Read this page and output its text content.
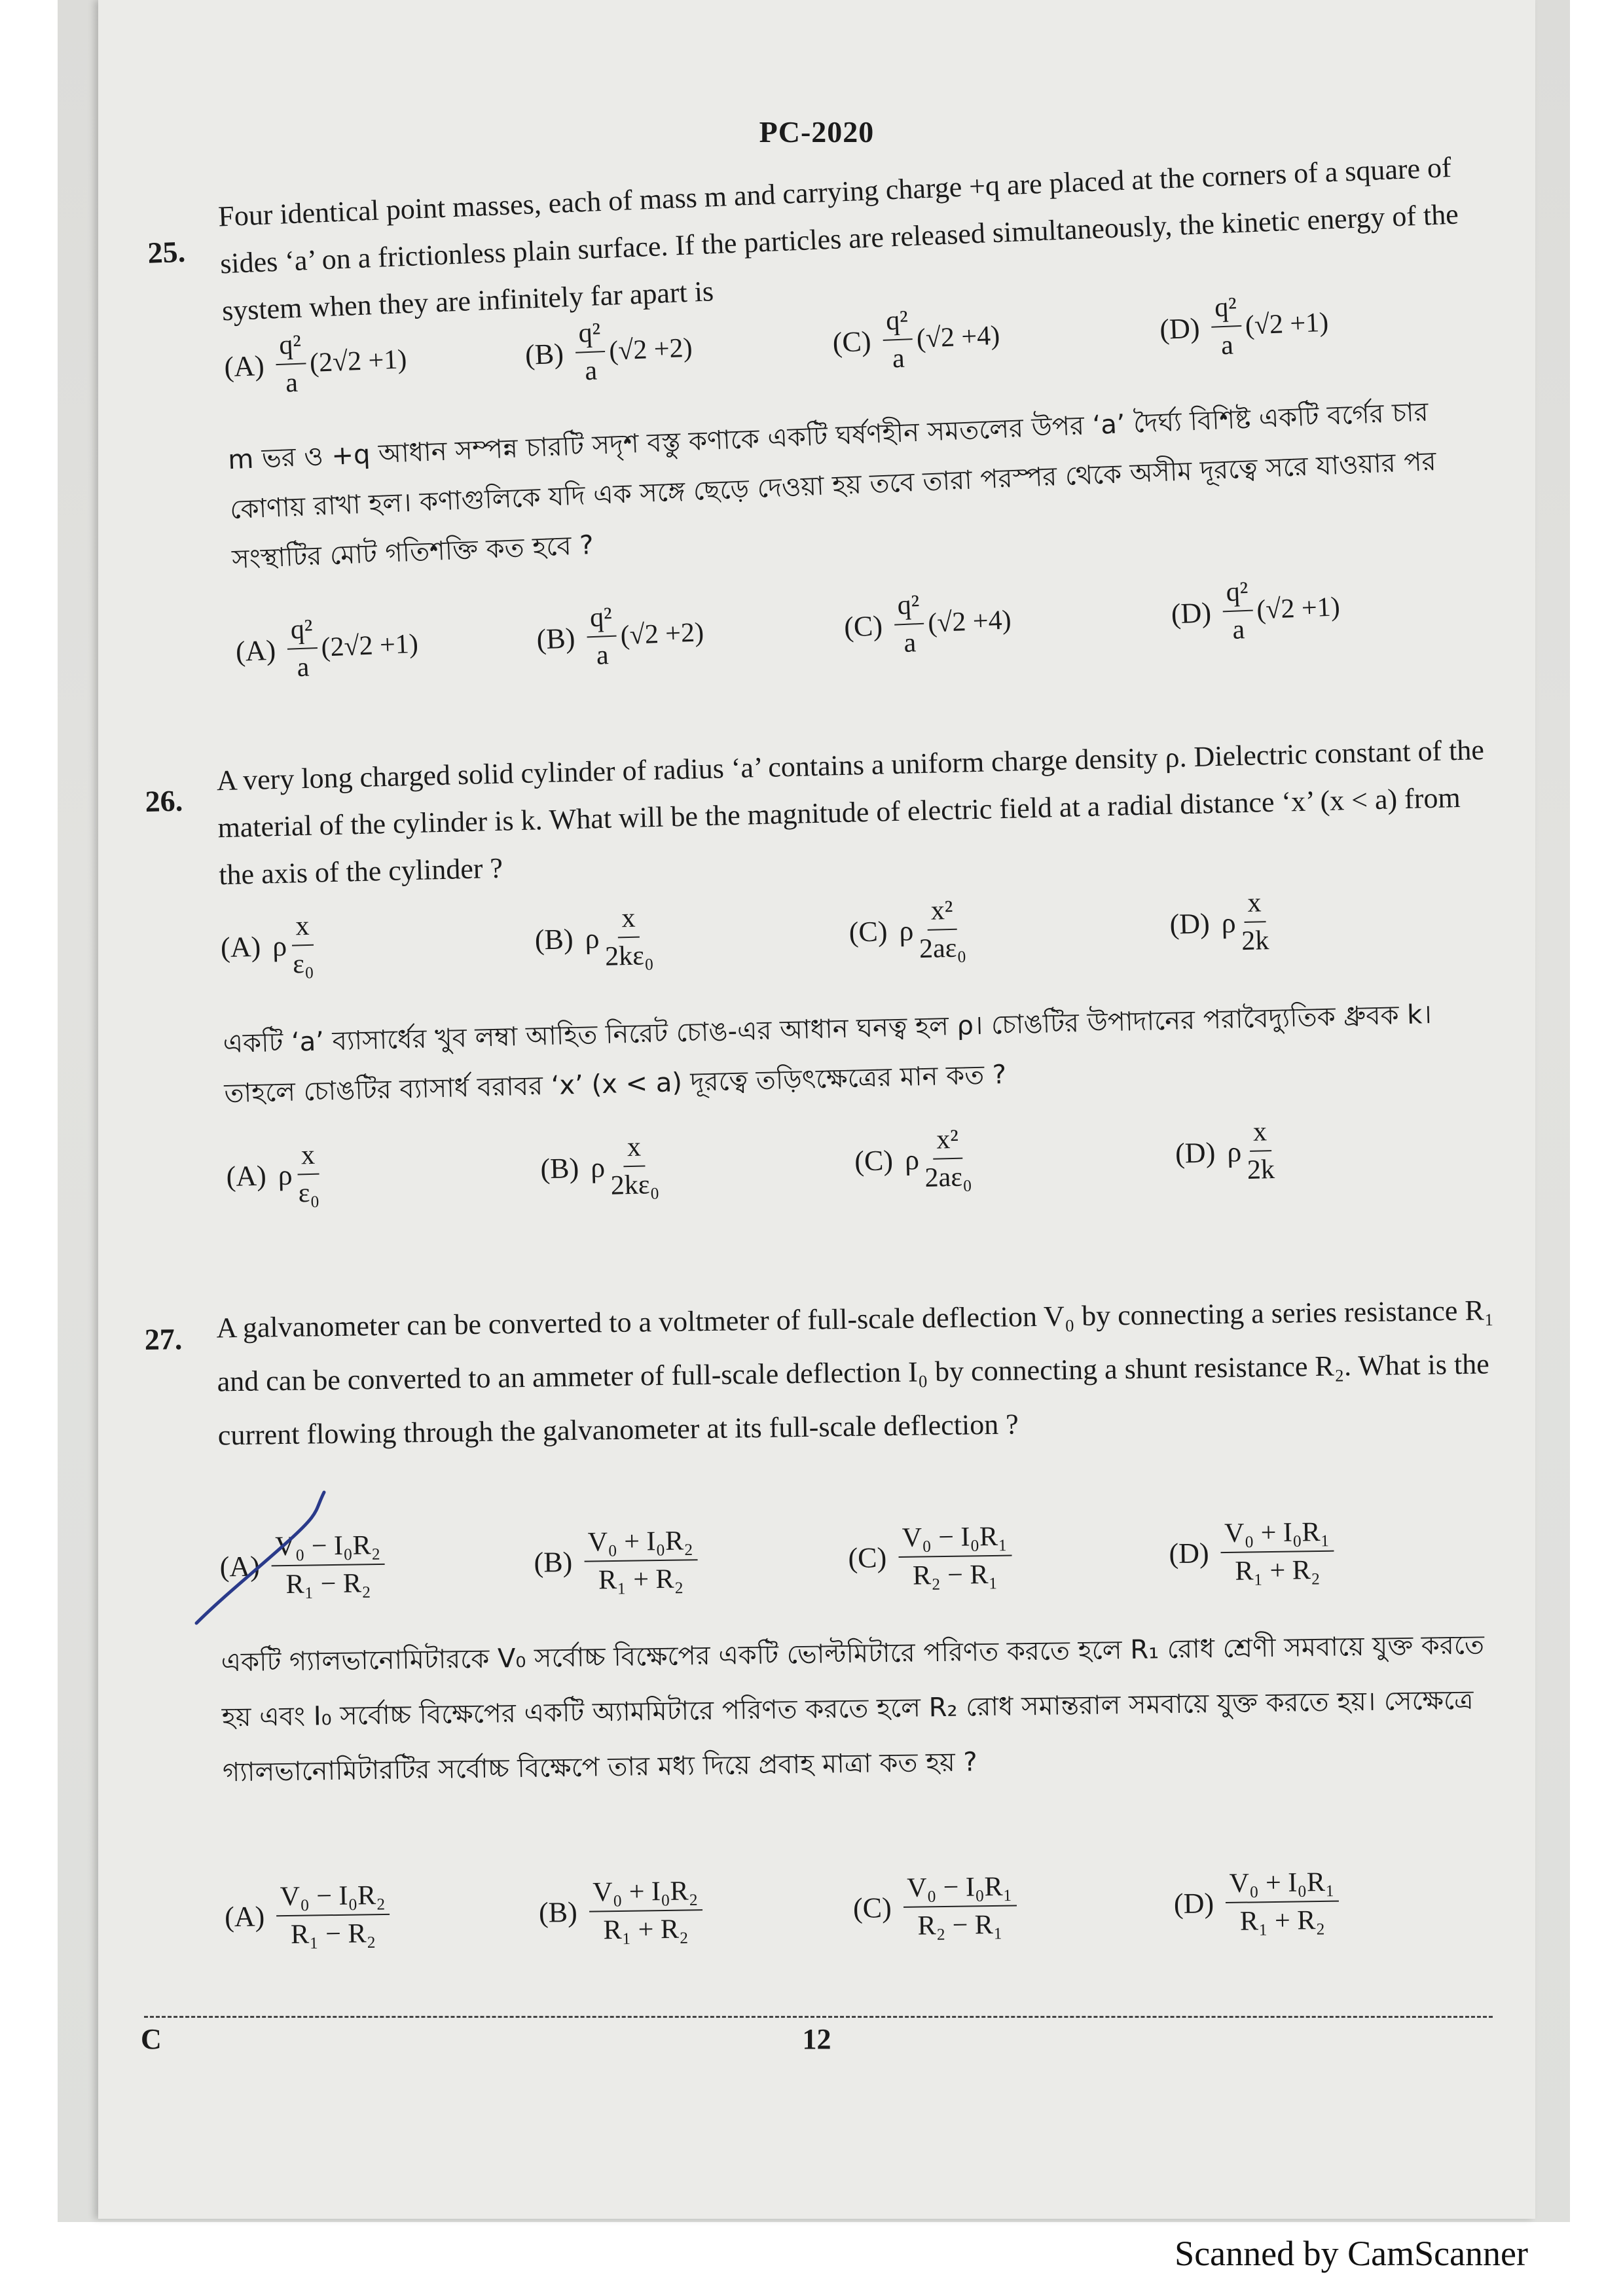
PC-2020
25.
Four identical point masses, each of mass m and carrying charge +q are placed at the corners of a square of sides ‘a’ on a frictionless plain surface. If the particles are released simultaneously, the kinetic energy of the system when they are infinitely far apart is
$(A) \frac{\text{q²}}{a} (2√2 +1)$	$(B) \frac{\text{q²}}{a} (√2 +2)$	$(C) \frac{\text{q²}}{a} (√2 +4)$	$(D) \frac{\text{q²}}{a} (√2 +1)$
m ভর ও +q আধান সম্পন্ন চারটি সদৃশ বস্তু কণাকে একটি ঘর্ষণহীন সমতলের উপর ‘a’ দৈর্ঘ্য বিশিষ্ট একটি বর্গের চার কোণায় রাখা হল। কণাগুলিকে যদি এক সঙ্গে ছেড়ে দেওয়া হয় তবে তারা পরস্পর থেকে অসীম দূরত্বে সরে যাওয়ার পর সংস্থাটির মোট গতিশক্তি কত হবে ?
$(A) \frac{\text{q²}}{a} (2√2 +1)$	$(B) \frac{\text{q²}}{a} (√2 +2)$	$(C) \frac{\text{q²}}{a} (√2 +4)$	$(D) \frac{\text{q²}}{a} (√2 +1)$
26.
A very long charged solid cylinder of radius ‘a’ contains a uniform charge density ρ. Dielectric constant of the material of the cylinder is k. What will be the magnitude of electric field at a radial distance ‘x’ (x < a) from the axis of the cylinder ?
(A) ρ $\frac{x}{\text{ε₀}}$	(B) ρ $\frac{x}{\text{2kε₀}}$	(C) ρ $\frac{\text{x²}}{\text{2aε₀}}$	(D) ρ $\frac{x}{2k}$
একটি ‘a’ ব্যাসার্ধের খুব লম্বা আহিত নিরেট চোঙ-এর আধান ঘনত্ব হল ρ। চোঙটির উপাদানের পরাবৈদ্যুতিক ধ্রুবক k। তাহলে চোঙটির ব্যাসার্ধ বরাবর ‘x’ (x < a) দূরত্বে তড়িৎক্ষেত্রের মান কত ?
(A) ρ $\frac{x}{\text{ε₀}}$	(B) ρ $\frac{x}{\text{2kε₀}}$	(C) ρ $\frac{\text{x²}}{\text{2aε₀}}$	(D) ρ $\frac{x}{2k}$
27. A galvanometer can be converted to a voltmeter of full-scale deflection V₀ by connecting a series resistance R₁ and can be converted to an ammeter of full-scale deflection I₀ by connecting a shunt resistance R₂. What is the current flowing through the galvanometer at its full-scale deflection ?
$(A) \frac{\text{V₀ − I₀R₂}}{\text{R₁ − R₂}}$	$(B) \frac{\text{V₀ + I₀R₂}}{\text{R₁ + R₂}}$	$(C) \frac{\text{V₀ − I₀R₁}}{\text{R₂ − R₁}}$	$(D) \frac{\text{V₀ + I₀R₁}}{\text{R₁ + R₂}}$
একটি গ্যালভানোমিটারকে V₀ সর্বোচ্চ বিক্ষেপের একটি ভোল্টমিটারে পরিণত করতে হলে R₁ রোধ শ্রেণী সমবায়ে যুক্ত করতে হয় এবং I₀ সর্বোচ্চ বিক্ষেপের একটি অ্যামমিটারে পরিণত করতে হলে R₂ রোধ সমান্তরাল সমবায়ে যুক্ত করতে হয়। সেক্ষেত্রে গ্যালভানোমিটারটির সর্বোচ্চ বিক্ষেপে তার মধ্য দিয়ে প্রবাহ মাত্রা কত হয় ?
$(A) \frac{\text{V₀ − I₀R₂}}{\text{R₁ − R₂}}$	$(B) \frac{\text{V₀ + I₀R₂}}{\text{R₁ + R₂}}$	$(C) \frac{\text{V₀ − I₀R₁}}{\text{R₂ − R₁}}$	$(D) \frac{\text{V₀ + I₀R₁}}{\text{R₁ + R₂}}$
C	12
Scanned by CamScanner
